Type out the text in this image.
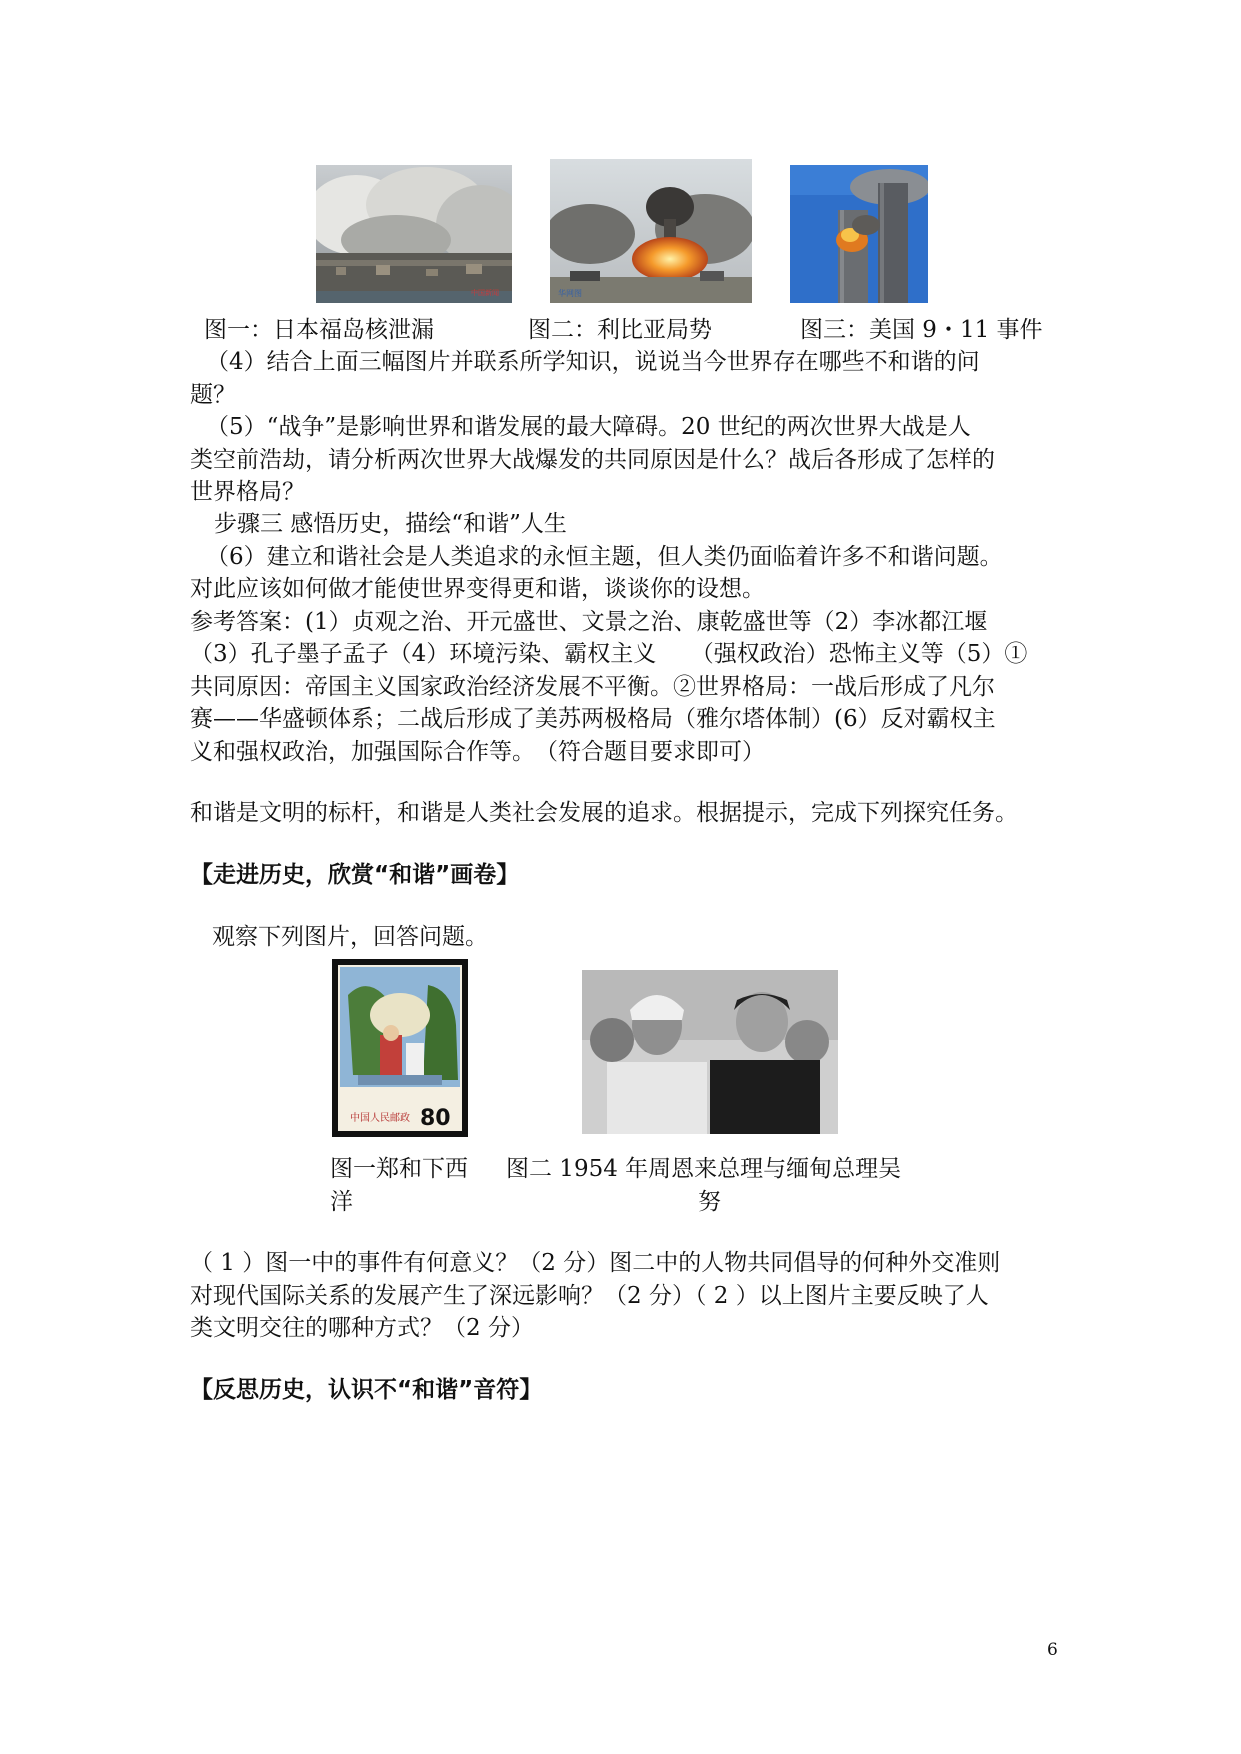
中国新闻	华网图
图一：日本福岛核泄漏	图二：利比亚局势	图三：美国 9・11 事件
（4）结合上面三幅图片并联系所学知识，说说当今世界存在哪些不和谐的问
题？
（5）“战争”是影响世界和谐发展的最大障碍。20 世纪的两次世界大战是人
类空前浩劫，请分析两次世界大战爆发的共同原因是什么？战后各形成了怎样的
世界格局？
步骤三 感悟历史，描绘“和谐”人生
（6）建立和谐社会是人类追求的永恒主题，但人类仍面临着许多不和谐问题。
对此应该如何做才能使世界变得更和谐，谈谈你的设想。
参考答案：(1）贞观之治、开元盛世、文景之治、康乾盛世等（2）李冰都江堰
（3）孔子墨子孟子（4）环境污染、霸权主义　　（强权政治）恐怖主义等（5）①
共同原因：帝国主义国家政治经济发展不平衡。②世界格局：一战后形成了凡尔
赛——华盛顿体系；二战后形成了美苏两极格局（雅尔塔体制）(6）反对霸权主
义和强权政治，加强国际合作等。　（符合题目要求即可）
和谐是文明的标杆，和谐是人类社会发展的追求。根据提示，完成下列探究任务。
【走进历史，欣赏“和谐”画卷】
观察下列图片，回答问题。
中国人民邮政 80
图一郑和下西
洋
图二 1954 年周恩来总理与缅甸总理吴
努
（ 1 ）图一中的事件有何意义？（2 分）图二中的人物共同倡导的何种外交准则
对现代国际关系的发展产生了深远影响？（2 分）（ 2 ）以上图片主要反映了人
类文明交往的哪种方式？（2 分）
【反思历史，认识不“和谐”音符】
6
